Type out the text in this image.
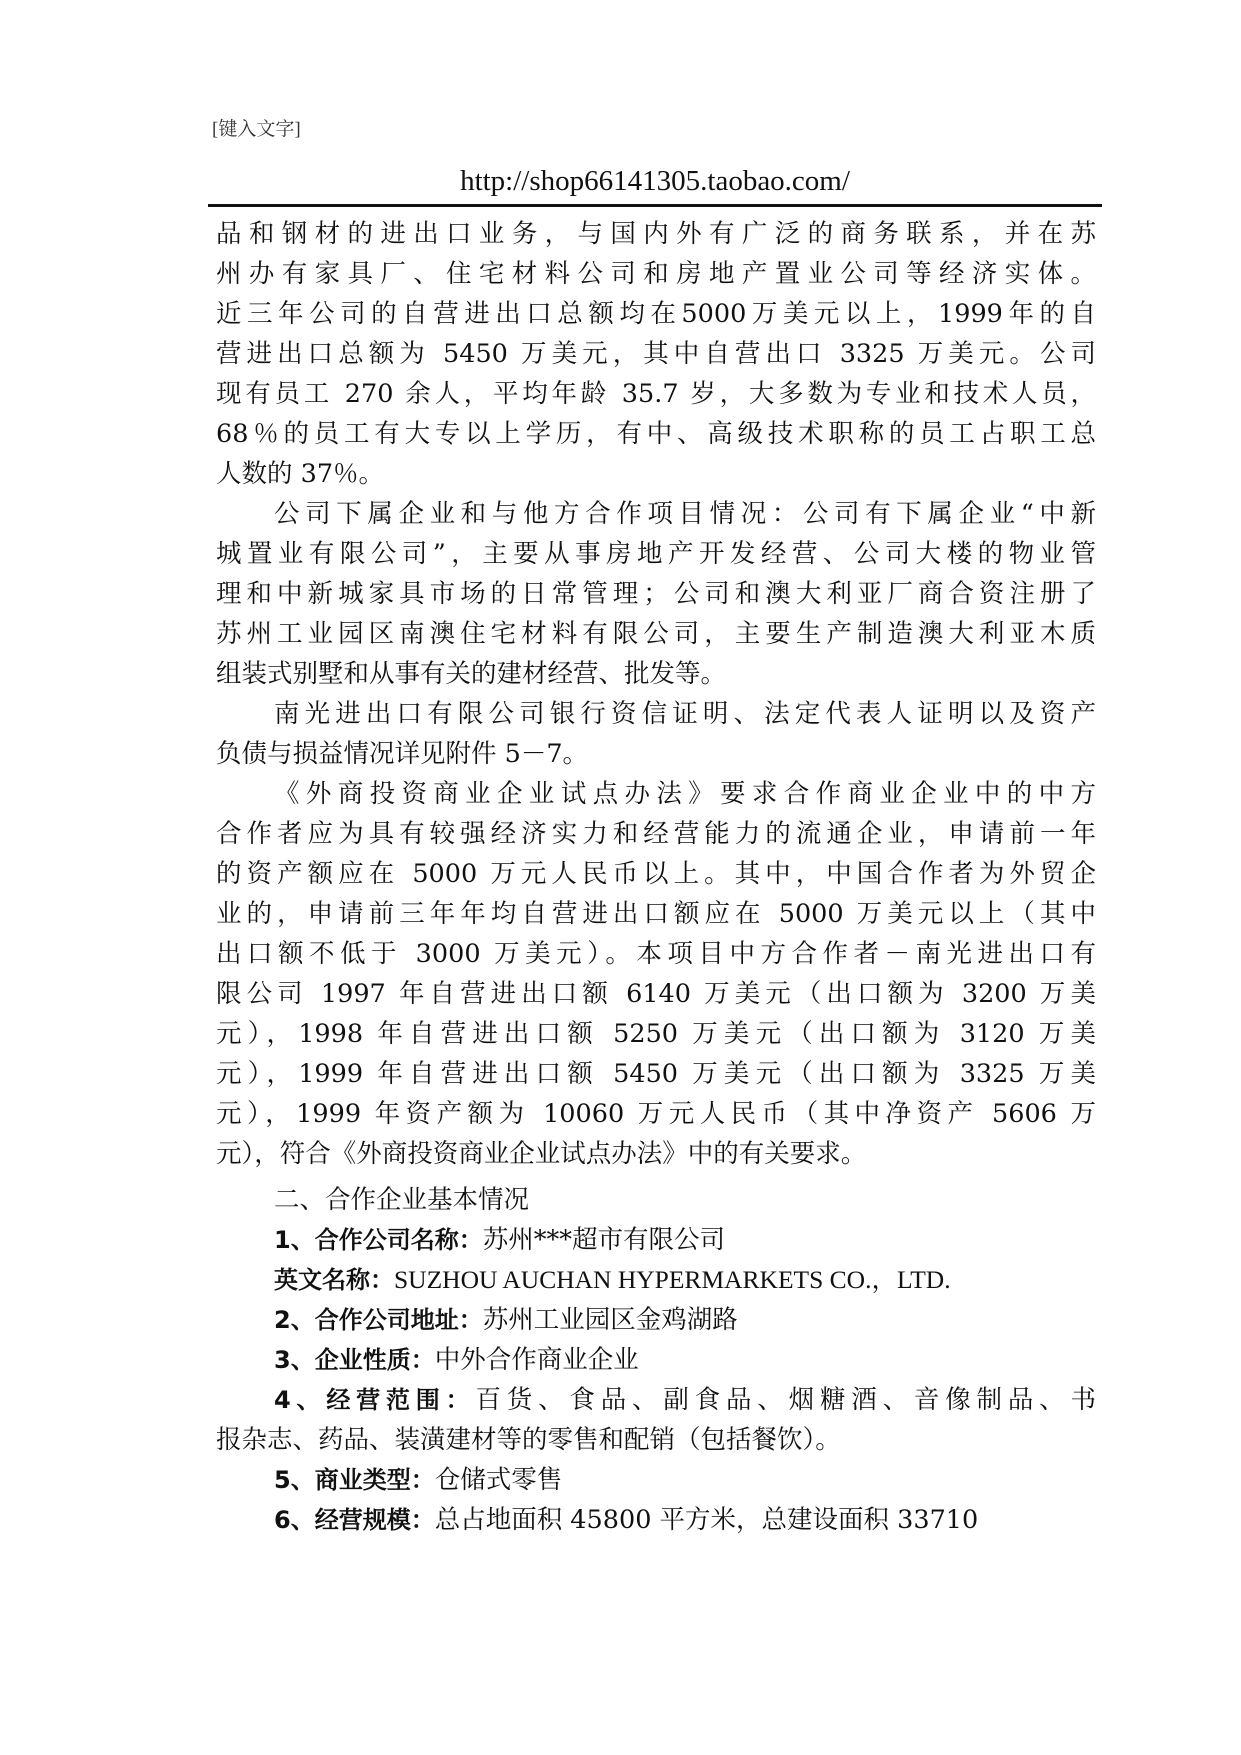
[键入文字]
http://shop66141305.taobao.com/
品和钢材的进出口业务，与国内外有广泛的商务联系，并在苏
州办有家具厂、住宅材料公司和房地产置业公司等经济实体。
近三年公司的自营进出口总额均在5000万美元以上，1999年的自
营进出口总额为 5450 万美元，其中自营出口 3325 万美元。公司
现有员工 270 余人，平均年龄 35.7 岁，大多数为专业和技术人员，
68％的员工有大专以上学历，有中、高级技术职称的员工占职工总
人数的 37％。
公司下属企业和与他方合作项目情况：公司有下属企业“中新
城置业有限公司”，主要从事房地产开发经营、公司大楼的物业管
理和中新城家具市场的日常管理；公司和澳大利亚厂商合资注册了
苏州工业园区南澳住宅材料有限公司，主要生产制造澳大利亚木质
组装式别墅和从事有关的建材经营、批发等。
南光进出口有限公司银行资信证明、法定代表人证明以及资产
负债与损益情况详见附件 5－7。
《外商投资商业企业试点办法》要求合作商业企业中的中方
合作者应为具有较强经济实力和经营能力的流通企业，申请前一年
的资产额应在 5000 万元人民币以上。其中，中国合作者为外贸企
业的，申请前三年年均自营进出口额应在 5000 万美元以上（其中
出口额不低于 3000 万美元）。本项目中方合作者－南光进出口有
限公司 1997 年自营进出口额 6140 万美元（出口额为 3200 万美
元），1998 年自营进出口额 5250 万美元（出口额为 3120 万美
元），1999 年自营进出口额 5450 万美元（出口额为 3325 万美
元），1999 年资产额为 10060 万元人民币（其中净资产 5606 万
元），符合《外商投资商业企业试点办法》中的有关要求。
二、合作企业基本情况
1、合作公司名称：苏州***超市有限公司
英文名称：SUZHOU AUCHAN HYPERMARKETS CO.，LTD.
2、合作公司地址：苏州工业园区金鸡湖路
3、企业性质：中外合作商业企业
4、经营范围：百货、食品、副食品、烟糖酒、音像制品、书
报杂志、药品、装潢建材等的零售和配销（包括餐饮）。
5、商业类型：仓储式零售
6、经营规模：总占地面积 45800 平方米，总建设面积 33710
